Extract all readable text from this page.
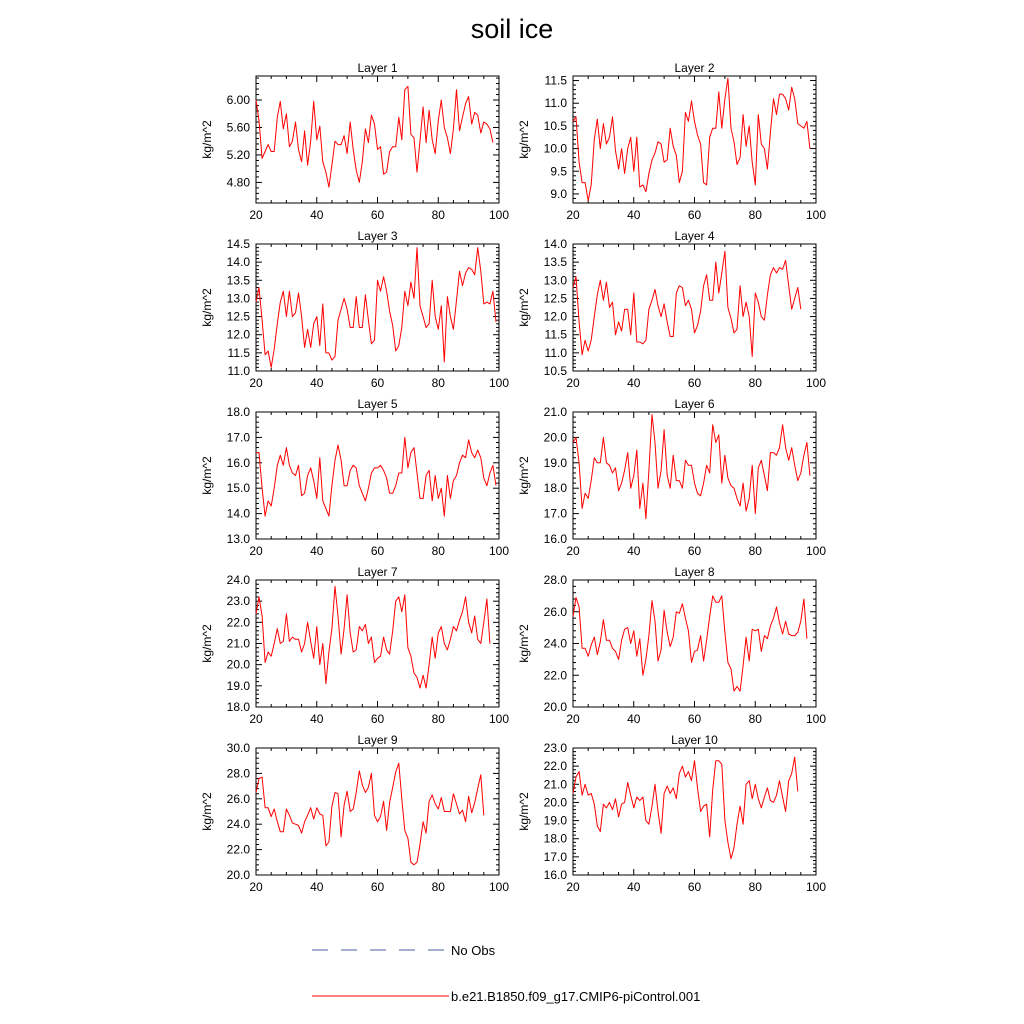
soil ice
Layer 1
kg/m^2
20	40	60	80	100
4.80
5.20
5.60
6.00
Layer 2
kg/m^2
20	40	60	80	100
9.0
9.5
10.0
10.5
11.0
11.5
Layer 3
kg/m^2
20	40	60	80	100
11.0
11.5
12.0
12.5
13.0
13.5
14.0
14.5
Layer 4
kg/m^2
20	40	60	80	100
10.5
11.0
11.5
12.0
12.5
13.0
13.5
14.0
Layer 5
kg/m^2
20	40	60	80	100
13.0
14.0
15.0
16.0
17.0
18.0
Layer 6
kg/m^2
20	40	60	80	100
16.0
17.0
18.0
19.0
20.0
21.0
Layer 7
kg/m^2
20	40	60	80	100
18.0
19.0
20.0
21.0
22.0
23.0
24.0
Layer 8
kg/m^2
20	40	60	80	100
20.0
22.0
24.0
26.0
28.0
Layer 9
kg/m^2
20	40	60	80	100
20.0
22.0
24.0
26.0
28.0
30.0
Layer 10
kg/m^2
20	40	60	80	100
16.0
17.0
18.0
19.0
20.0
21.0
22.0
23.0
No Obs
b.e21.B1850.f09_g17.CMIP6-piControl.001
